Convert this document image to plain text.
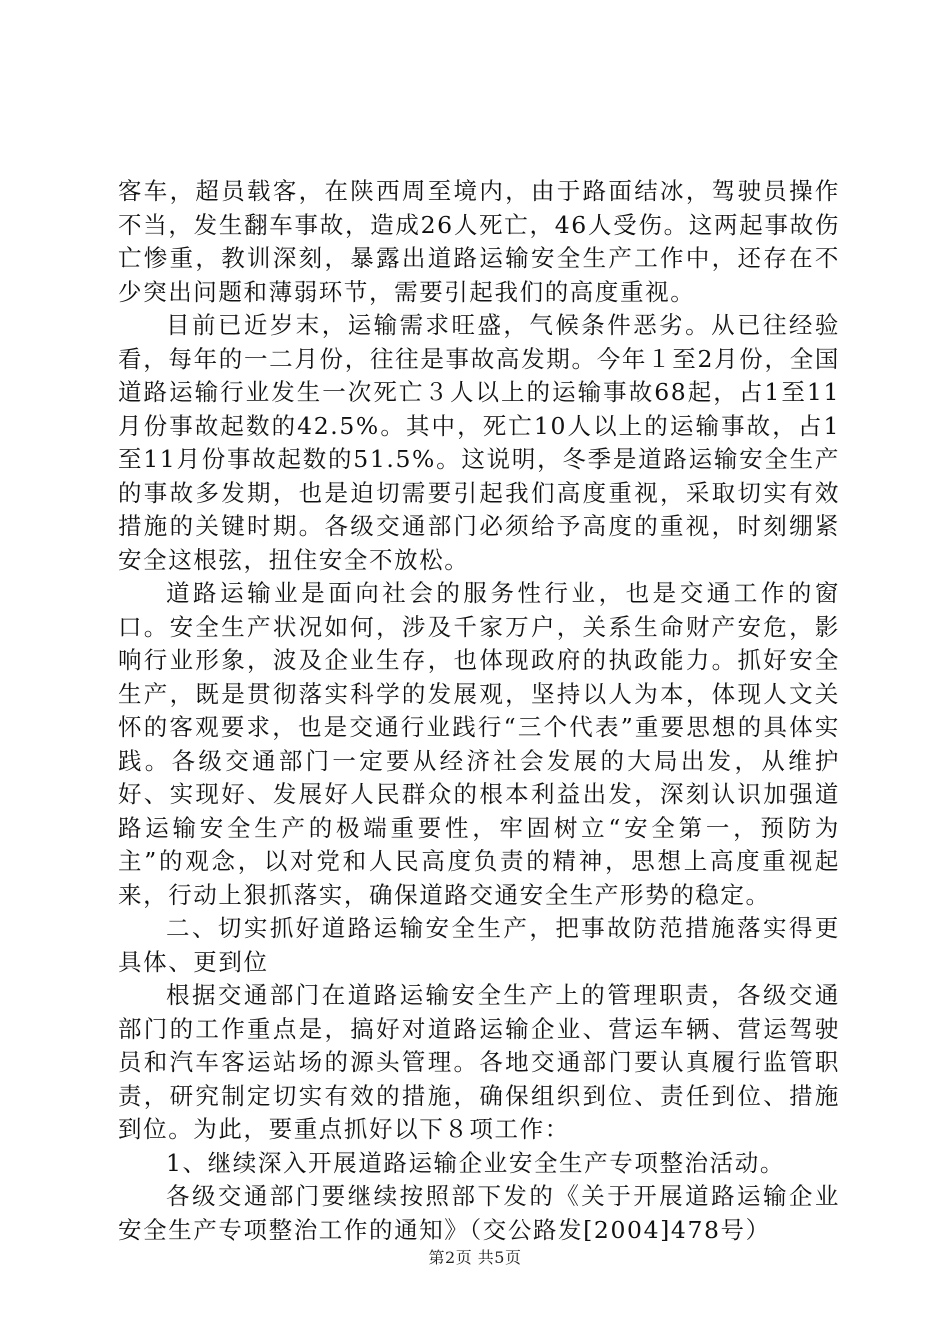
客车，超员载客，在陕西周至境内，由于路面结冰，驾驶员操作不当，发生翻车事故，造成26人死亡，46人受伤。这两起事故伤亡惨重，教训深刻，暴露出道路运输安全生产工作中，还存在不少突出问题和薄弱环节，需要引起我们的高度重视。

目前已近岁末，运输需求旺盛，气候条件恶劣。从已往经验看，每年的一二月份，往往是事故高发期。今年１至2月份，全国道路运输行业发生一次死亡３人以上的运输事故68起，占1至11月份事故起数的42.5%。其中，死亡10人以上的运输事故，占1至11月份事故起数的51.5%。这说明，冬季是道路运输安全生产的事故多发期，也是迫切需要引起我们高度重视，采取切实有效措施的关键时期。各级交通部门必须给予高度的重视，时刻绷紧安全这根弦，扭住安全不放松。

道路运输业是面向社会的服务性行业，也是交通工作的窗口。安全生产状况如何，涉及千家万户，关系生命财产安危，影响行业形象，波及企业生存，也体现政府的执政能力。抓好安全生产，既是贯彻落实科学的发展观，坚持以人为本，体现人文关怀的客观要求，也是交通行业践行“三个代表”重要思想的具体实践。各级交通部门一定要从经济社会发展的大局出发，从维护好、实现好、发展好人民群众的根本利益出发，深刻认识加强道路运输安全生产的极端重要性，牢固树立“安全第一，预防为主”的观念，以对党和人民高度负责的精神，思想上高度重视起来，行动上狠抓落实，确保道路交通安全生产形势的稳定。

二、切实抓好道路运输安全生产，把事故防范措施落实得更具体、更到位

根据交通部门在道路运输安全生产上的管理职责，各级交通部门的工作重点是，搞好对道路运输企业、营运车辆、营运驾驶员和汽车客运站场的源头管理。各地交通部门要认真履行监管职责，研究制定切实有效的措施，确保组织到位、责任到位、措施到位。为此，要重点抓好以下８项工作：

1、继续深入开展道路运输企业安全生产专项整治活动。

各级交通部门要继续按照部下发的《关于开展道路运输企业安全生产专项整治工作的通知》（交公路发[2004]478号）

第2页 共5页
